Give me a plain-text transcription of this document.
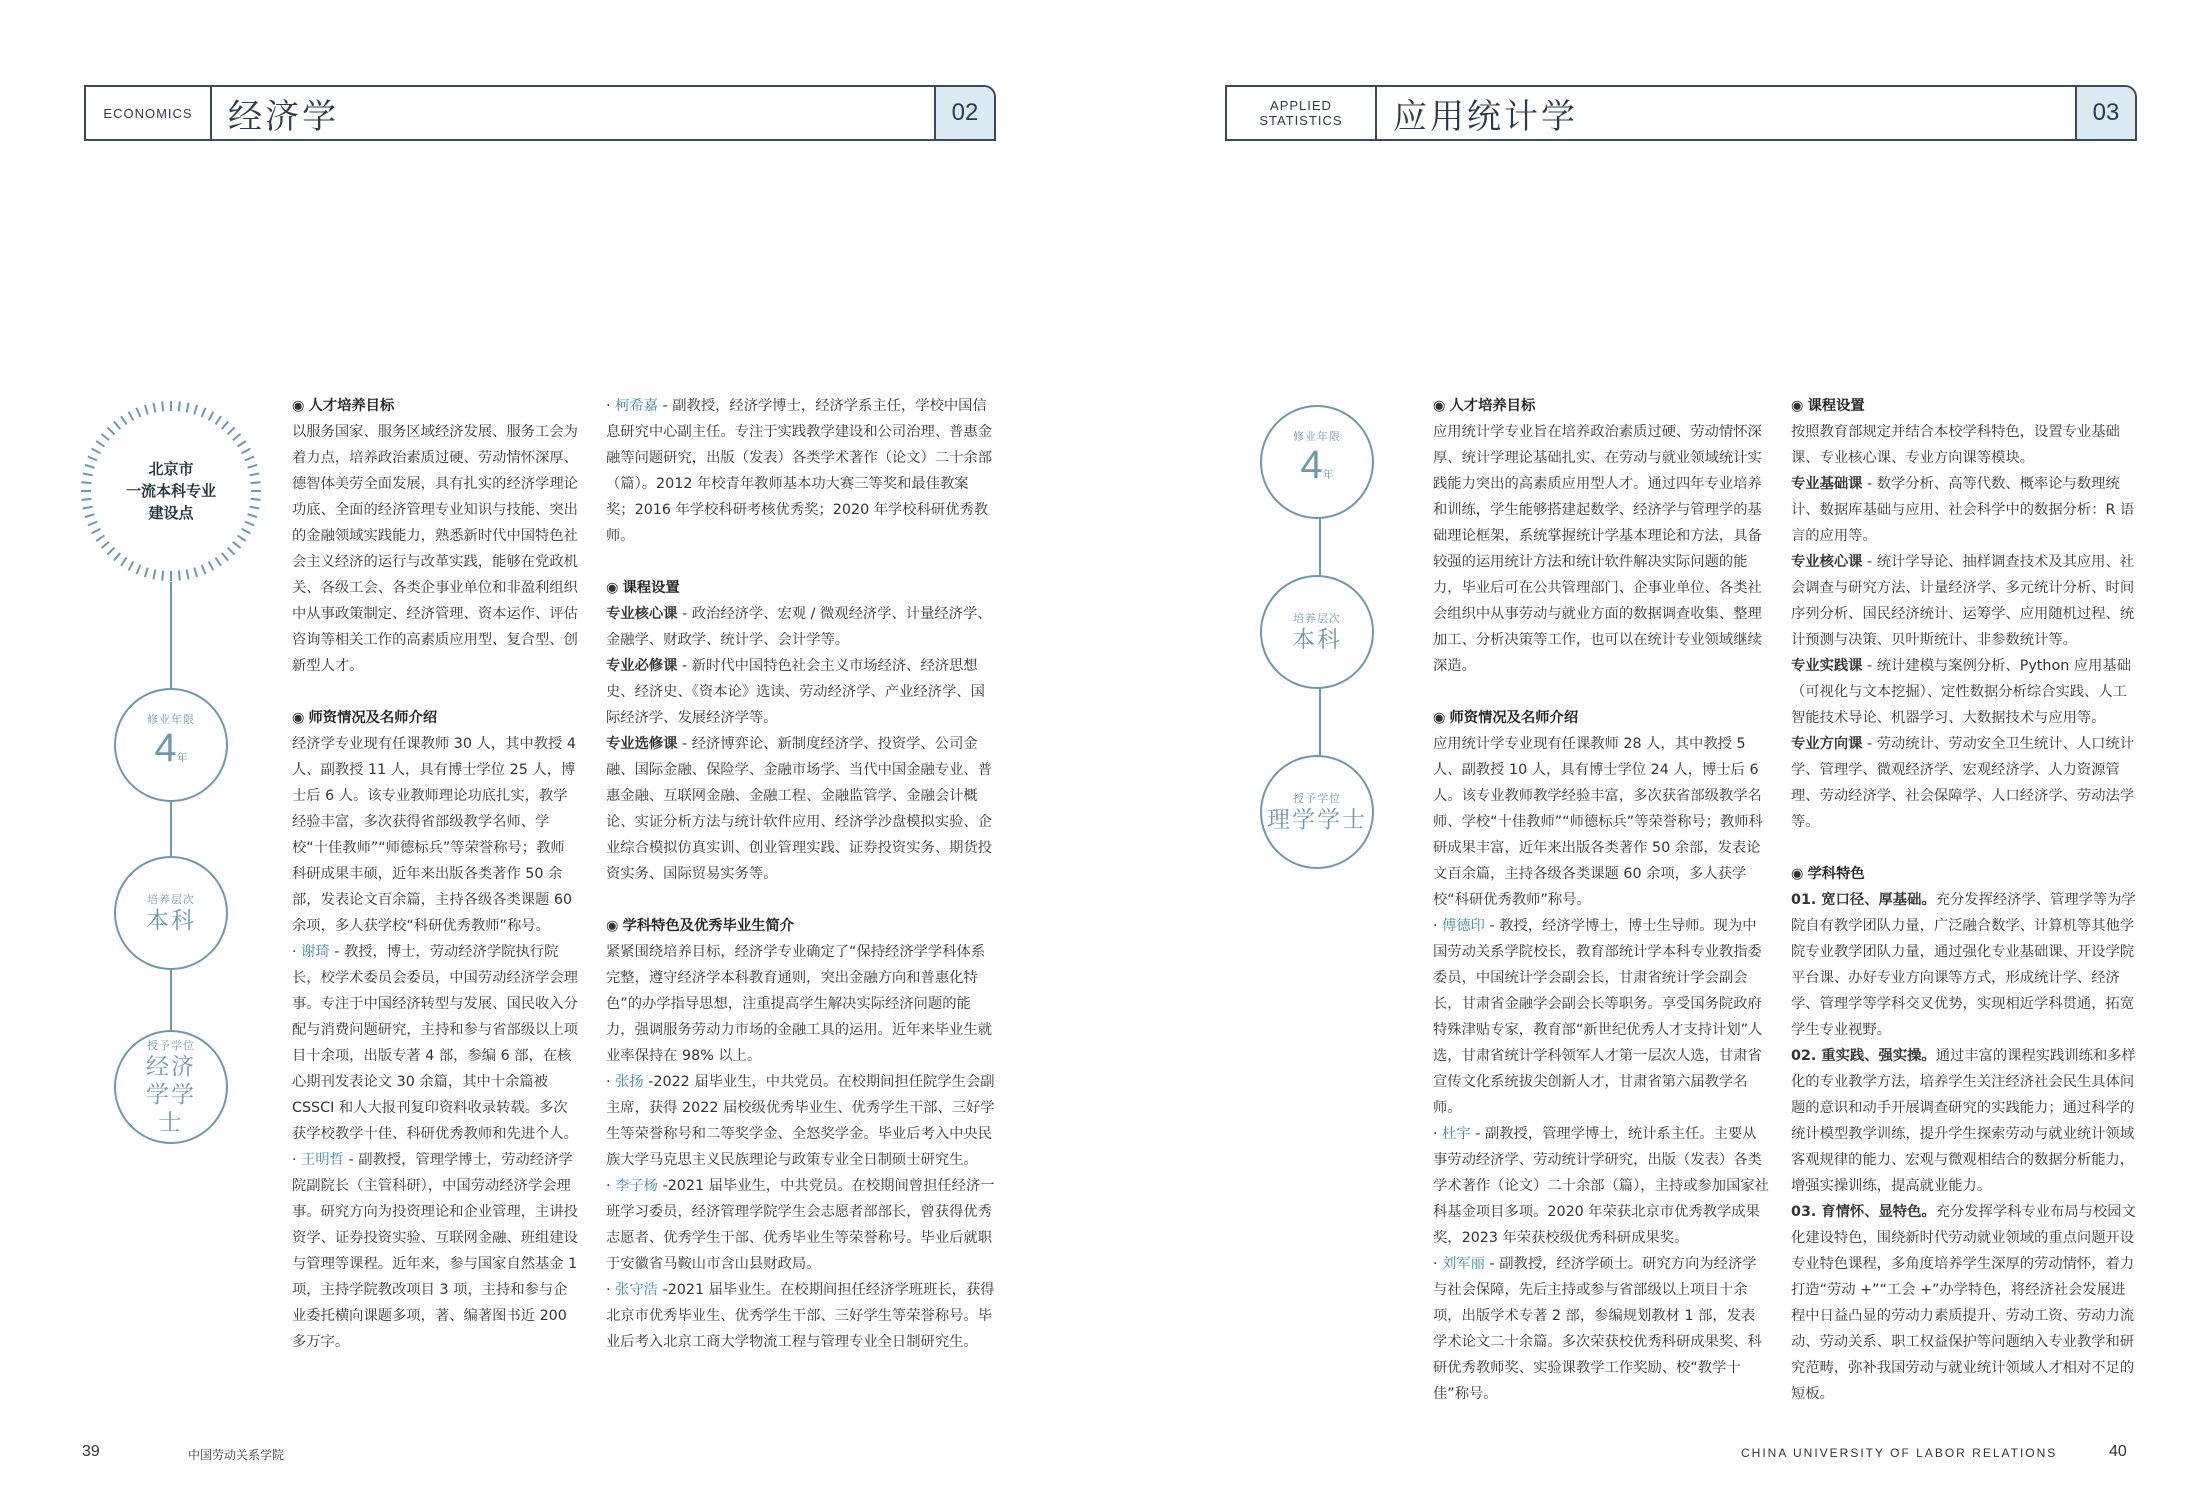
ECONOMICS	经济学	02
北京市
一流本科专业
建设点
修业年限
4年
培养层次
本科
授予学位
经济学学士
◉ 人才培养目标
以服务国家、服务区域经济发展、服务工会为着力点，培养政治素质过硬、劳动情怀深厚、德智体美劳全面发展，具有扎实的经济学理论功底、全面的经济管理专业知识与技能、突出的金融领域实践能力，熟悉新时代中国特色社会主义经济的运行与改革实践，能够在党政机关、各级工会、各类企事业单位和非盈利组织中从事政策制定、经济管理、资本运作、评估咨询等相关工作的高素质应用型、复合型、创新型人才。
◉ 师资情况及名师介绍
经济学专业现有任课教师 30 人，其中教授 4 人、副教授 11 人，具有博士学位 25 人，博士后 6 人。该专业教师理论功底扎实，教学经验丰富，多次获得省部级教学名师、学校“十佳教师”“师德标兵”等荣誉称号；教师科研成果丰硕，近年来出版各类著作 50 余部，发表论文百余篇，主持各级各类课题 60 余项，多人获学校“科研优秀教师”称号。
· 谢琦 - 教授，博士，劳动经济学院执行院长，校学术委员会委员，中国劳动经济学会理事。专注于中国经济转型与发展、国民收入分配与消费问题研究，主持和参与省部级以上项目十余项，出版专著 4 部，参编 6 部，在核心期刊发表论文 30 余篇，其中十余篇被 CSSCI 和人大报刊复印资料收录转载。多次获学校教学十佳、科研优秀教师和先进个人。
· 王明哲 - 副教授，管理学博士，劳动经济学院副院长（主管科研），中国劳动经济学会理事。研究方向为投资理论和企业管理，主讲投资学、证券投资实验、互联网金融、班组建设与管理等课程。近年来，参与国家自然基金 1 项，主持学院教改项目 3 项，主持和参与企业委托横向课题多项，著、编著图书近 200 多万字。
· 柯希嘉 - 副教授，经济学博士，经济学系主任，学校中国信息研究中心副主任。专注于实践教学建设和公司治理、普惠金融等问题研究，出版（发表）各类学术著作（论文）二十余部（篇）。2012 年校青年教师基本功大赛三等奖和最佳教案奖；2016 年学校科研考核优秀奖；2020 年学校科研优秀教师。
◉ 课程设置
专业核心课 - 政治经济学、宏观 / 微观经济学、计量经济学、金融学、财政学、统计学、会计学等。
专业必修课 - 新时代中国特色社会主义市场经济、经济思想史、经济史、《资本论》选读、劳动经济学、产业经济学、国际经济学、发展经济学等。
专业选修课 - 经济博弈论、新制度经济学、投资学、公司金融、国际金融、保险学、金融市场学、当代中国金融专业、普惠金融、互联网金融、金融工程、金融监管学、金融会计概论、实证分析方法与统计软件应用、经济学沙盘模拟实验、企业综合模拟仿真实训、创业管理实践、证券投资实务、期货投资实务、国际贸易实务等。
◉ 学科特色及优秀毕业生简介
紧紧围绕培养目标，经济学专业确定了“保持经济学学科体系完整，遵守经济学本科教育通则，突出金融方向和普惠化特色”的办学指导思想，注重提高学生解决实际经济问题的能力，强调服务劳动力市场的金融工具的运用。近年来毕业生就业率保持在 98% 以上。
· 张扬 -2022 届毕业生，中共党员。在校期间担任院学生会副主席，获得 2022 届校级优秀毕业生、优秀学生干部、三好学生等荣誉称号和二等奖学金、全怒奖学金。毕业后考入中央民族大学马克思主义民族理论与政策专业全日制硕士研究生。
· 李子杨 -2021 届毕业生，中共党员。在校期间曾担任经济一班学习委员，经济管理学院学生会志愿者部部长，曾获得优秀志愿者、优秀学生干部、优秀毕业生等荣誉称号。毕业后就职于安徽省马鞍山市含山县财政局。
· 张守浩 -2021 届毕业生。在校期间担任经济学班班长，获得北京市优秀毕业生、优秀学生干部、三好学生等荣誉称号。毕业后考入北京工商大学物流工程与管理专业全日制研究生。
39	中国劳动关系学院
APPLIED STATISTICS	应用统计学	03
修业年限
4年
培养层次
本科
授予学位
理学学士
◉ 人才培养目标
应用统计学专业旨在培养政治素质过硬、劳动情怀深厚、统计学理论基础扎实、在劳动与就业领域统计实践能力突出的高素质应用型人才。通过四年专业培养和训练，学生能够搭建起数学、经济学与管理学的基础理论框架，系统掌握统计学基本理论和方法，具备较强的运用统计方法和统计软件解决实际问题的能力，毕业后可在公共管理部门、企事业单位、各类社会组织中从事劳动与就业方面的数据调查收集、整理加工、分析决策等工作，也可以在统计专业领域继续深造。
◉ 师资情况及名师介绍
应用统计学专业现有任课教师 28 人，其中教授 5 人、副教授 10 人，具有博士学位 24 人，博士后 6 人。该专业教师教学经验丰富，多次获省部级教学名师、学校“十佳教师”“师德标兵”等荣誉称号；教师科研成果丰富，近年来出版各类著作 50 余部，发表论文百余篇，主持各级各类课题 60 余项，多人获学校“科研优秀教师”称号。
· 傅德印 - 教授，经济学博士，博士生导师。现为中国劳动关系学院校长，教育部统计学本科专业教指委委员，中国统计学会副会长，甘肃省统计学会副会长，甘肃省金融学会副会长等职务。享受国务院政府特殊津贴专家，教育部“新世纪优秀人才支持计划”人选，甘肃省统计学科领军人才第一层次人选，甘肃省宣传文化系统拔尖创新人才，甘肃省第六届教学名师。
· 杜宇 - 副教授，管理学博士，统计系主任。主要从事劳动经济学、劳动统计学研究，出版（发表）各类学术著作（论文）二十余部（篇），主持或参加国家社科基金项目多项。2020 年荣获北京市优秀教学成果奖，2023 年荣获校级优秀科研成果奖。
· 刘军丽 - 副教授，经济学硕士。研究方向为经济学与社会保障，先后主持或参与省部级以上项目十余项，出版学术专著 2 部，参编规划教材 1 部，发表学术论文二十余篇。多次荣获校优秀科研成果奖、科研优秀教师奖、实验课教学工作奖励、校“教学十佳”称号。
◉ 课程设置
按照教育部规定并结合本校学科特色，设置专业基础课、专业核心课、专业方向课等模块。
专业基础课 - 数学分析、高等代数、概率论与数理统计、数据库基础与应用、社会科学中的数据分析：R 语言的应用等。
专业核心课 - 统计学导论、抽样调查技术及其应用、社会调查与研究方法、计量经济学、多元统计分析、时间序列分析、国民经济统计、运筹学、应用随机过程、统计预测与决策、贝叶斯统计、非参数统计等。
专业实践课 - 统计建模与案例分析、Python 应用基础（可视化与文本挖掘）、定性数据分析综合实践、人工智能技术导论、机器学习、大数据技术与应用等。
专业方向课 - 劳动统计、劳动安全卫生统计、人口统计学、管理学、微观经济学、宏观经济学、人力资源管理、劳动经济学、社会保障学、人口经济学、劳动法学等。
◉ 学科特色
01. 宽口径、厚基础。充分发挥经济学、管理学等为学院自有教学团队力量，广泛融合数学、计算机等其他学院专业教学团队力量，通过强化专业基础课、开设学院平台课、办好专业方向课等方式，形成统计学、经济学、管理学等学科交叉优势，实现相近学科贯通，拓宽学生专业视野。
02. 重实践、强实操。通过丰富的课程实践训练和多样化的专业教学方法，培养学生关注经济社会民生具体问题的意识和动手开展调查研究的实践能力；通过科学的统计模型教学训练，提升学生探索劳动与就业统计领域客观规律的能力、宏观与微观相结合的数据分析能力，增强实操训练，提高就业能力。
03. 育情怀、显特色。充分发挥学科专业布局与校园文化建设特色，围绕新时代劳动就业领域的重点问题开设专业特色课程，多角度培养学生深厚的劳动情怀，着力打造“劳动 +”“工会 +”办学特色，将经济社会发展进程中日益凸显的劳动力素质提升、劳动工资、劳动力流动、劳动关系、职工权益保护等问题纳入专业教学和研究范畴，弥补我国劳动与就业统计领域人才相对不足的短板。
CHINA UNIVERSITY OF LABOR RELATIONS	40
